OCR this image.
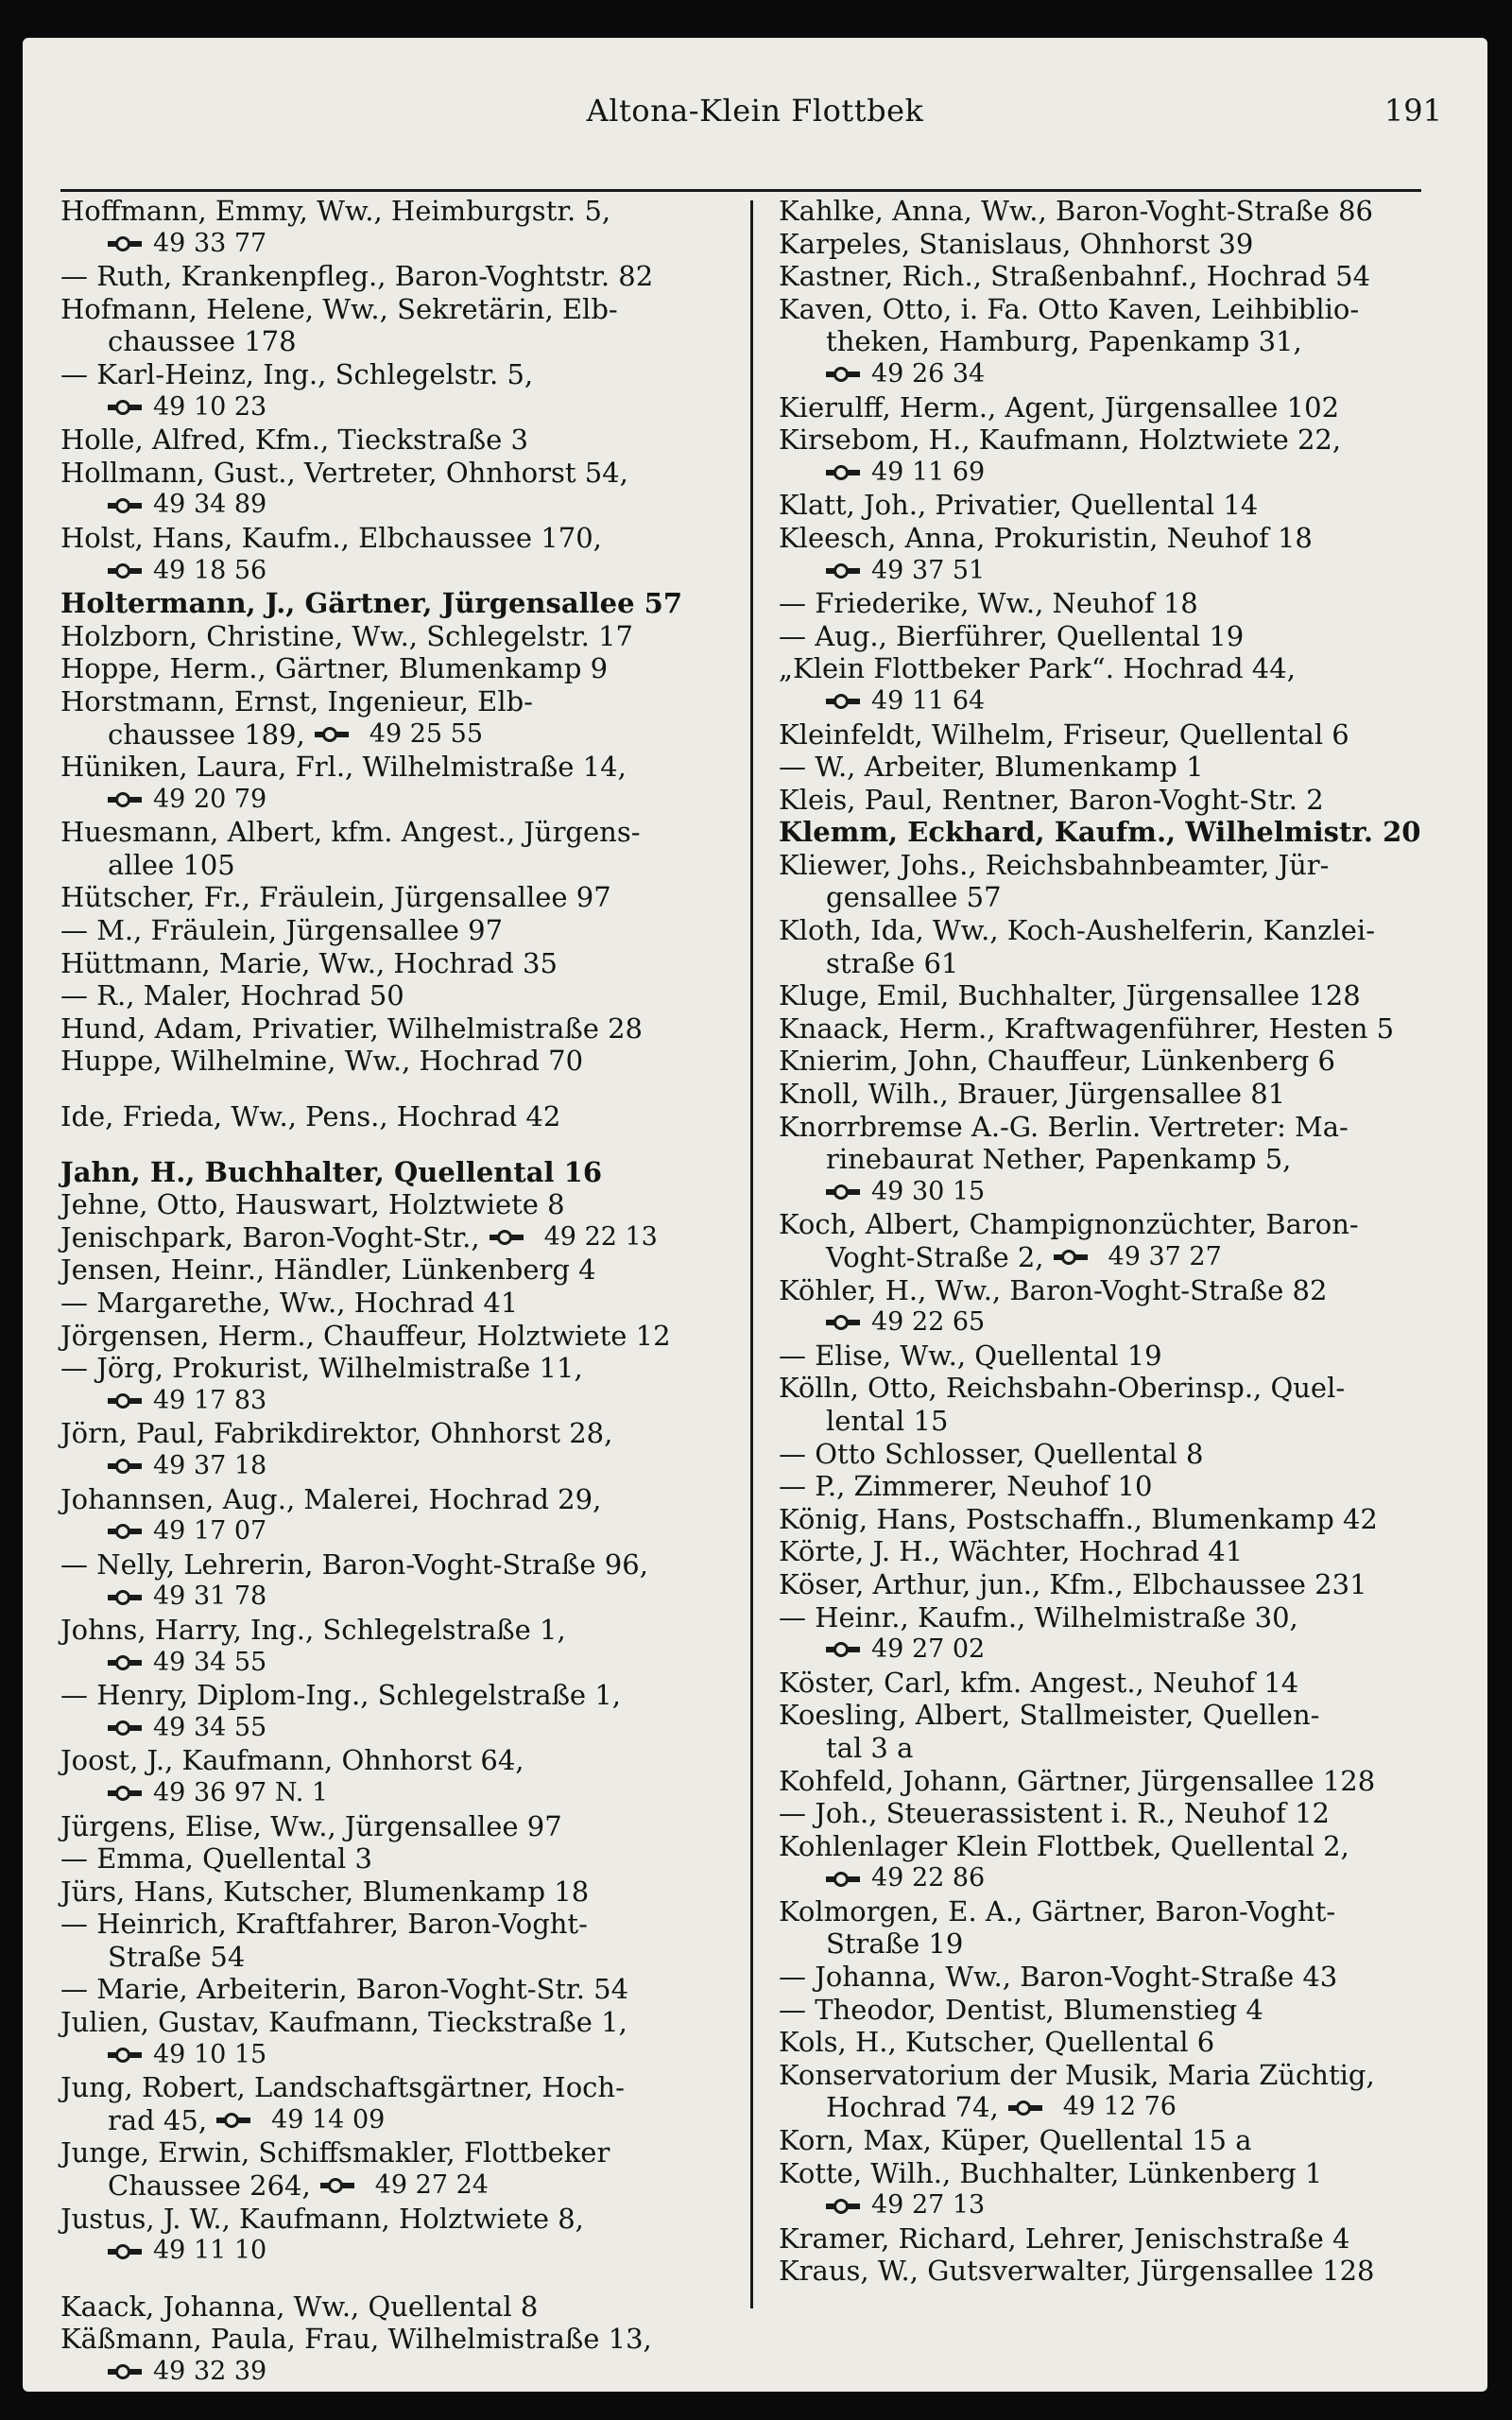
Altona-Klein Flottbek	191
Hoffmann, Emmy, Ww., Heimburgstr. 5,
49 33 77
— Ruth, Krankenpfleg., Baron-Voghtstr. 82
Hofmann, Helene, Ww., Sekretärin, Elb-
chaussee 178
— Karl-Heinz, Ing., Schlegelstr. 5,
49 10 23
Holle, Alfred, Kfm., Tieckstraße 3
Hollmann, Gust., Vertreter, Ohnhorst 54,
49 34 89
Holst, Hans, Kaufm., Elbchaussee 170,
49 18 56
Holtermann, J., Gärtner, Jürgensallee 57
Holzborn, Christine, Ww., Schlegelstr. 17
Hoppe, Herm., Gärtner, Blumenkamp 9
Horstmann, Ernst, Ingenieur, Elb-
chaussee 189,	49 25 55
Hüniken, Laura, Frl., Wilhelmistraße 14,
49 20 79
Huesmann, Albert, kfm. Angest., Jürgens-
allee 105
Hütscher, Fr., Fräulein, Jürgensallee 97
— M., Fräulein, Jürgensallee 97
Hüttmann, Marie, Ww., Hochrad 35
— R., Maler, Hochrad 50
Hund, Adam, Privatier, Wilhelmistraße 28
Huppe, Wilhelmine, Ww., Hochrad 70
Ide, Frieda, Ww., Pens., Hochrad 42
Jahn, H., Buchhalter, Quellental 16
Jehne, Otto, Hauswart, Holztwiete 8
Jenischpark, Baron-Voght-Str.,	49 22 13
Jensen, Heinr., Händler, Lünkenberg 4
— Margarethe, Ww., Hochrad 41
Jörgensen, Herm., Chauffeur, Holztwiete 12
— Jörg, Prokurist, Wilhelmistraße 11,
49 17 83
Jörn, Paul, Fabrikdirektor, Ohnhorst 28,
49 37 18
Johannsen, Aug., Malerei, Hochrad 29,
49 17 07
— Nelly, Lehrerin, Baron-Voght-Straße 96,
49 31 78
Johns, Harry, Ing., Schlegelstraße 1,
49 34 55
— Henry, Diplom-Ing., Schlegelstraße 1,
49 34 55
Joost, J., Kaufmann, Ohnhorst 64,
49 36 97 N. 1
Jürgens, Elise, Ww., Jürgensallee 97
— Emma, Quellental 3
Jürs, Hans, Kutscher, Blumenkamp 18
— Heinrich, Kraftfahrer, Baron-Voght-
Straße 54
— Marie, Arbeiterin, Baron-Voght-Str. 54
Julien, Gustav, Kaufmann, Tieckstraße 1,
49 10 15
Jung, Robert, Landschaftsgärtner, Hoch-
rad 45,	49 14 09
Junge, Erwin, Schiffsmakler, Flottbeker
Chaussee 264,	49 27 24
Justus, J. W., Kaufmann, Holztwiete 8,
49 11 10
Kaack, Johanna, Ww., Quellental 8
Käßmann, Paula, Frau, Wilhelmistraße 13,
49 32 39
Kahlke, Anna, Ww., Baron-Voght-Straße 86
Karpeles, Stanislaus, Ohnhorst 39
Kastner, Rich., Straßenbahnf., Hochrad 54
Kaven, Otto, i. Fa. Otto Kaven, Leihbiblio-
theken, Hamburg, Papenkamp 31,
49 26 34
Kierulff, Herm., Agent, Jürgensallee 102
Kirsebom, H., Kaufmann, Holztwiete 22,
49 11 69
Klatt, Joh., Privatier, Quellental 14
Kleesch, Anna, Prokuristin, Neuhof 18
49 37 51
— Friederike, Ww., Neuhof 18
— Aug., Bierführer, Quellental 19
„Klein Flottbeker Park“. Hochrad 44,
49 11 64
Kleinfeldt, Wilhelm, Friseur, Quellental 6
— W., Arbeiter, Blumenkamp 1
Kleis, Paul, Rentner, Baron-Voght-Str. 2
Klemm, Eckhard, Kaufm., Wilhelmistr. 20
Kliewer, Johs., Reichsbahnbeamter, Jür-
gensallee 57
Kloth, Ida, Ww., Koch-Aushelferin, Kanzlei-
straße 61
Kluge, Emil, Buchhalter, Jürgensallee 128
Knaack, Herm., Kraftwagenführer, Hesten 5
Knierim, John, Chauffeur, Lünkenberg 6
Knoll, Wilh., Brauer, Jürgensallee 81
Knorrbremse A.-G. Berlin. Vertreter: Ma-
rinebaurat Nether, Papenkamp 5,
49 30 15
Koch, Albert, Champignonzüchter, Baron-
Voght-Straße 2,	49 37 27
Köhler, H., Ww., Baron-Voght-Straße 82
49 22 65
— Elise, Ww., Quellental 19
Kölln, Otto, Reichsbahn-Oberinsp., Quel-
lental 15
— Otto Schlosser, Quellental 8
— P., Zimmerer, Neuhof 10
König, Hans, Postschaffn., Blumenkamp 42
Körte, J. H., Wächter, Hochrad 41
Köser, Arthur, jun., Kfm., Elbchaussee 231
— Heinr., Kaufm., Wilhelmistraße 30,
49 27 02
Köster, Carl, kfm. Angest., Neuhof 14
Koesling, Albert, Stallmeister, Quellen-
tal 3 a
Kohfeld, Johann, Gärtner, Jürgensallee 128
— Joh., Steuerassistent i. R., Neuhof 12
Kohlenlager Klein Flottbek, Quellental 2,
49 22 86
Kolmorgen, E. A., Gärtner, Baron-Voght-
Straße 19
— Johanna, Ww., Baron-Voght-Straße 43
— Theodor, Dentist, Blumenstieg 4
Kols, H., Kutscher, Quellental 6
Konservatorium der Musik, Maria Züchtig,
Hochrad 74,	49 12 76
Korn, Max, Küper, Quellental 15 a
Kotte, Wilh., Buchhalter, Lünkenberg 1
49 27 13
Kramer, Richard, Lehrer, Jenischstraße 4
Kraus, W., Gutsverwalter, Jürgensallee 128
